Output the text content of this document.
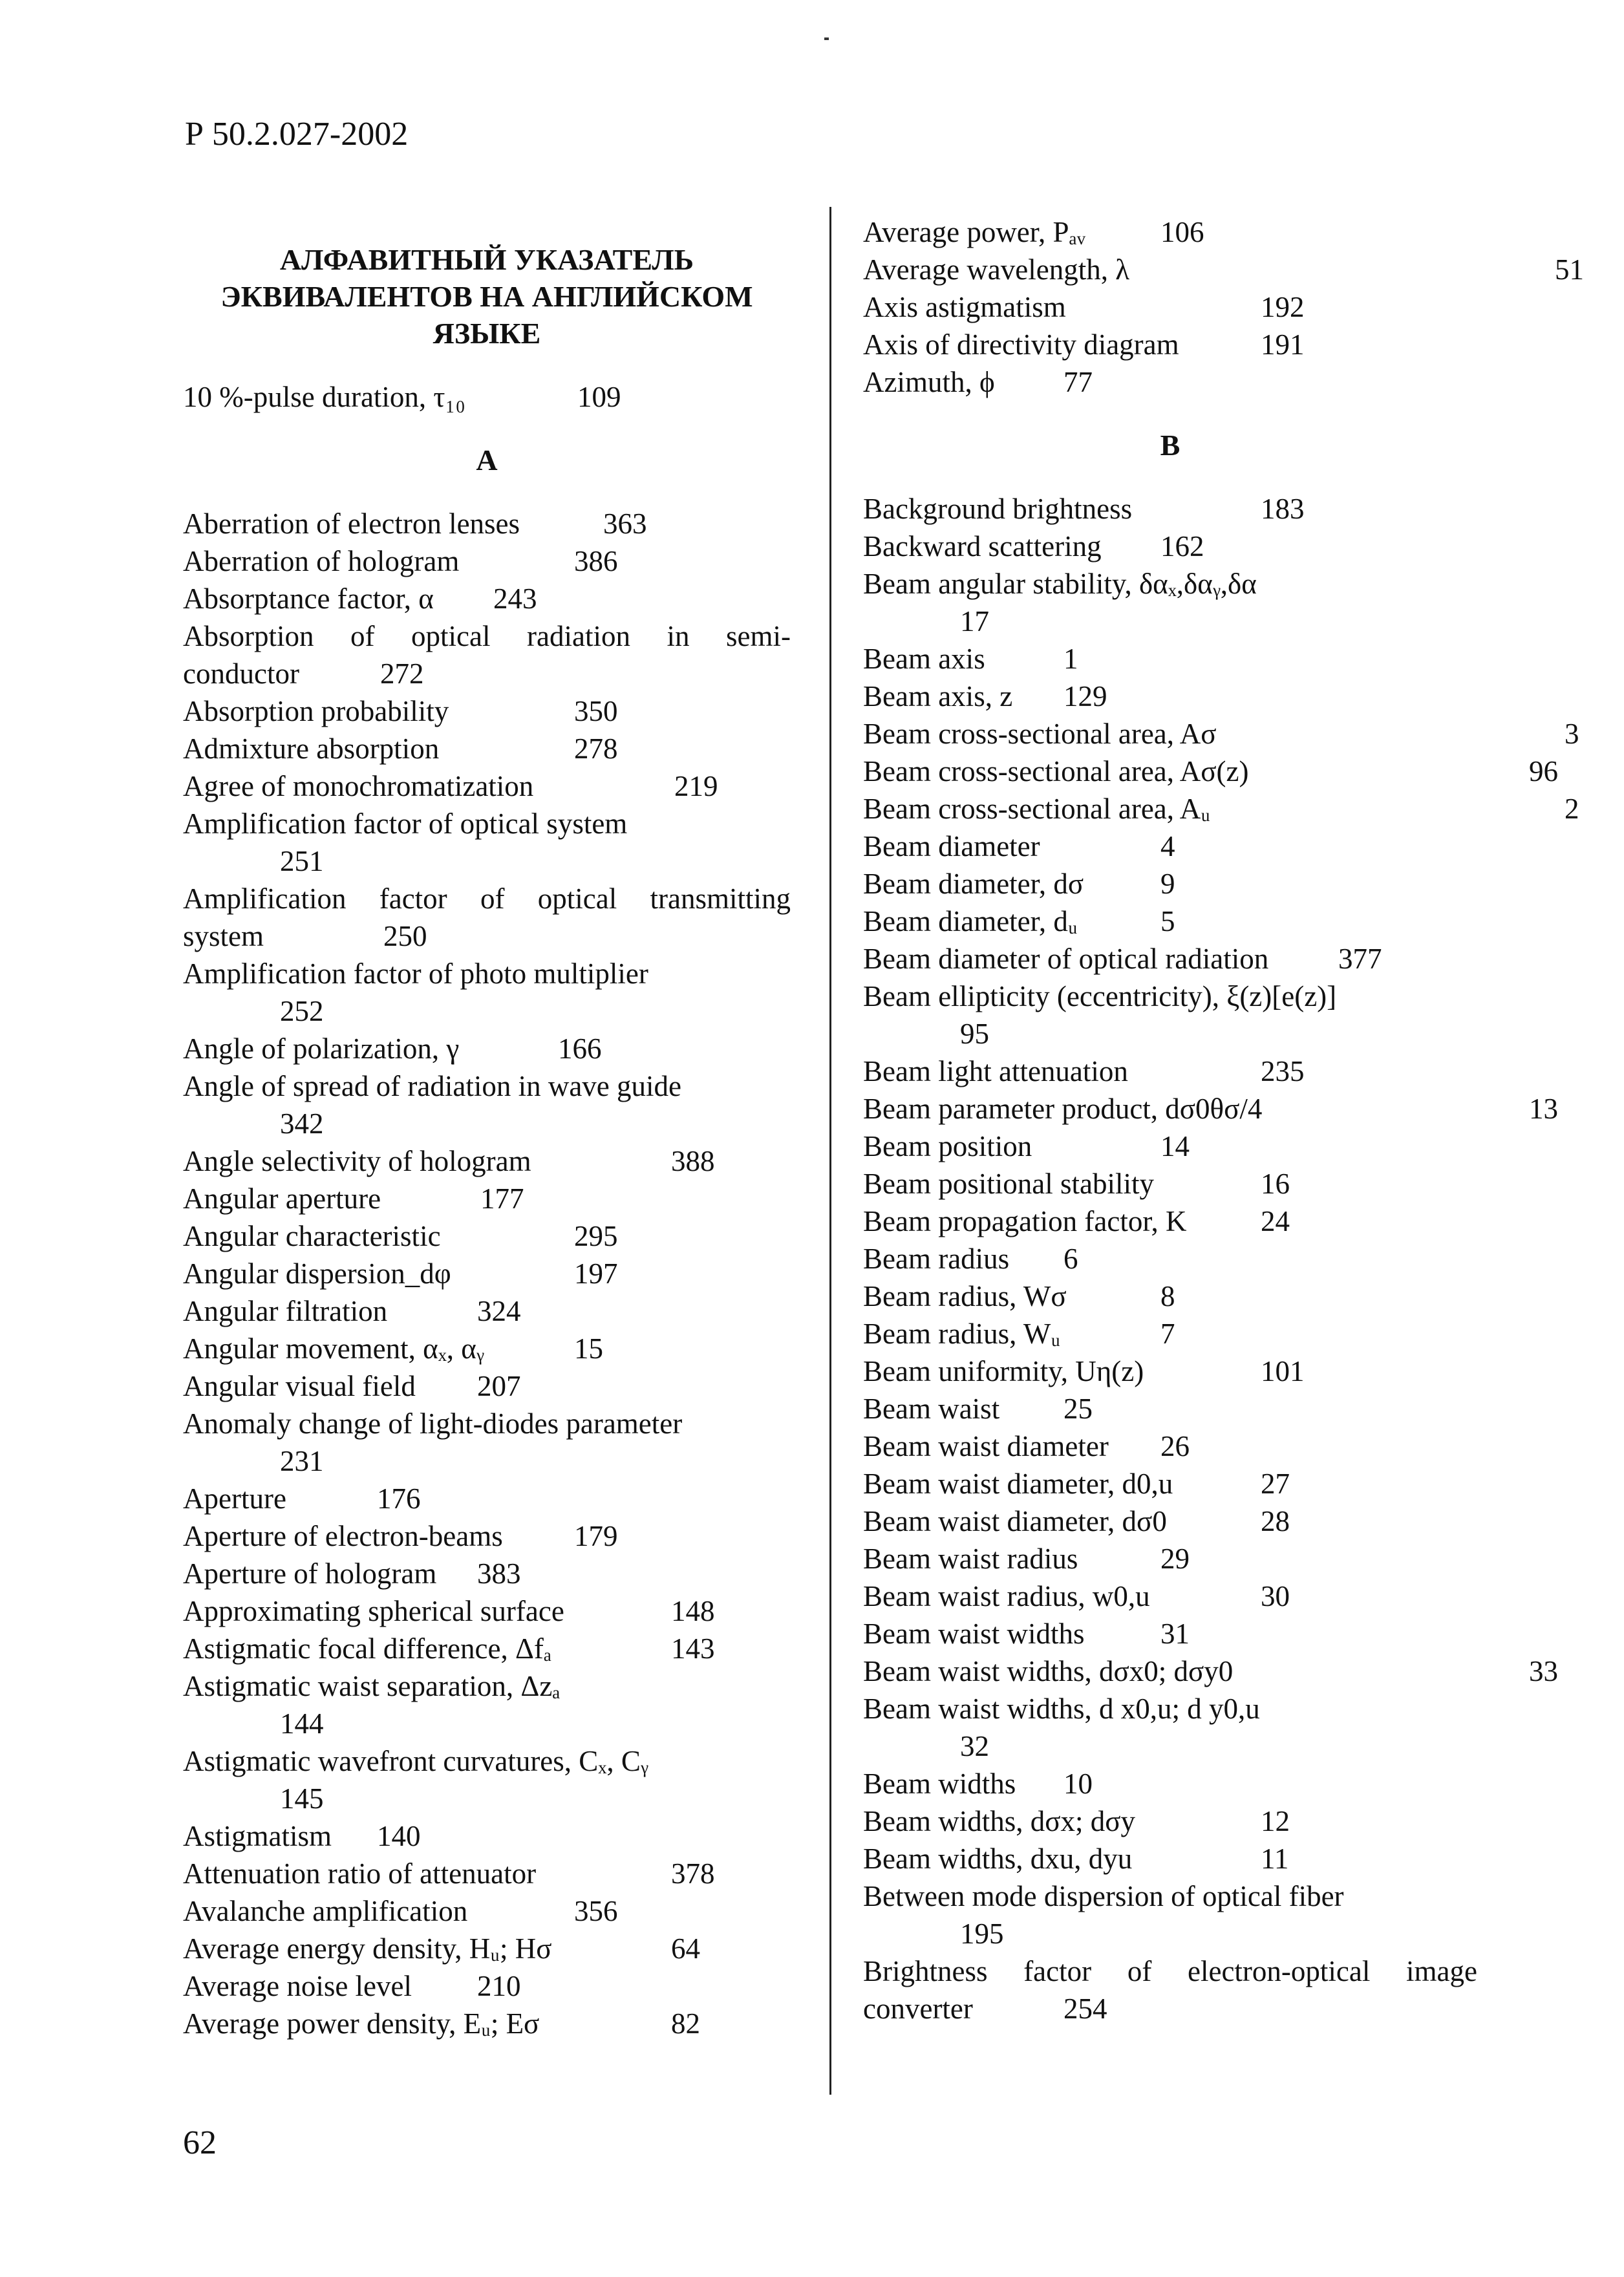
Р 50.2.027-2002
АЛФАВИТНЫЙ УКАЗАТЕЛЬ
ЭКВИВАЛЕНТОВ НА АНГЛИЙСКОМ
ЯЗЫКЕ
10 %-pulse duration, τ₁₀	109
A
Aberration of electron lenses	363
Aberration of hologram	386
Absorptance factor, α 243
Absorption of optical radiation in semi-
conductor	272
Absorption probability	350
Admixture absorption	278
Agree of monochromatization	219
Amplification factor of optical system
251
Amplification factor of optical transmitting
system	250
Amplification factor of photo multiplier
252
Angle of polarization, γ	166
Angle of spread of radiation in wave guide
342
Angle selectivity of hologram	388
Angular aperture	177
Angular characteristic	295
Angular dispersion_dφ	197
Angular filtration	324
Angular movement, αₓ, αᵧ	15
Angular visual field 207
Anomaly change of light-diodes parameter
231
Aperture	176
Aperture of electron-beams 179
Aperture of hologram 383
Approximating spherical surface	148
Astigmatic focal difference, Δfₐ	143
Astigmatic waist separation, Δzₐ
144
Astigmatic wavefront curvatures, Cₓ, Cᵧ
145
Astigmatism 140
Attenuation ratio of attenuator	378
Avalanche amplification	356
Average energy density, Hᵤ; Hσ	64
Average noise level 210
Average power density, Eᵤ; Eσ	82
Average power, Pₐᵥ	106
Average wavelength, λ	51
Axis astigmatism	192
Axis of directivity diagram	191
Azimuth, ϕ 77
B
Background brightness	183
Backward scattering 162
Beam angular stability, δαₓ,δαᵧ,δα
17
Beam axis	1
Beam axis, z 129
Beam cross-sectional area, Aσ	3
Beam cross-sectional area, Aσ(z)	96
Beam cross-sectional area, Aᵤ	2
Beam diameter	4
Beam diameter, dσ	9
Beam diameter, dᵤ	5
Beam diameter of optical radiation 377
Beam ellipticity (eccentricity), ξ(z)[e(z)]
95
Beam light attenuation	235
Beam parameter product, dσ0θσ/4	13
Beam position	14
Beam positional stability	16
Beam propagation factor, K	24
Beam radius 6
Beam radius, Wσ	8
Beam radius, Wᵤ	7
Beam uniformity, Uη(z)	101
Beam waist 25
Beam waist diameter 26
Beam waist diameter, d0,u	27
Beam waist diameter, dσ0	28
Beam waist radius	29
Beam waist radius, w0,u	30
Beam waist widths	31
Beam waist widths, dσx0; dσy0	33
Beam waist widths, d x0,u; d y0,u
32
Beam widths 10
Beam widths, dσx; dσy	12
Beam widths, dxu, dyu	11
Between mode dispersion of optical fiber
195
Brightness factor of electron-optical image
converter	254
62
